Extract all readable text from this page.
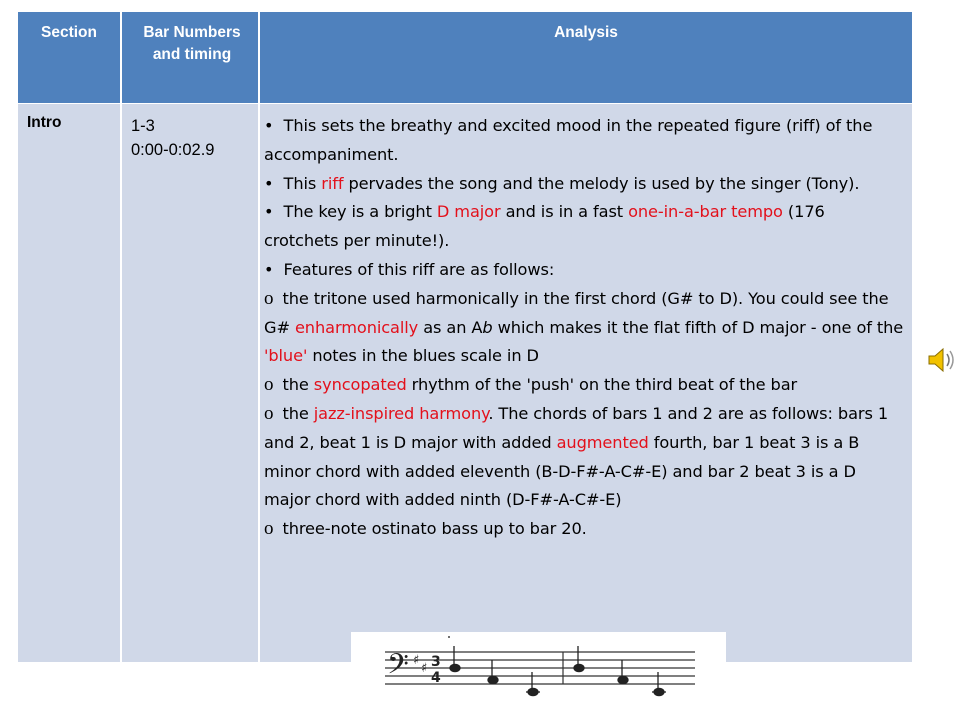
Section	Bar Numbers and timing
Analysis
Intro	1-3
0:00-0:02.9

• This sets the breathy and excited mood in the repeated figure (riff) of the accompaniment.

• This riff pervades the song and the melody is used by the singer (Tony).

• The key is a bright D major and is in a fast one-in-a-bar tempo (176 crotchets per minute!).

• Features of this riff are as follows:

o the tritone used harmonically in the first chord (G# to D). You could see the G# enharmonically as an Ab which makes it the flat fifth of D major - one of the 'blue' notes in the blues scale in D

o the syncopated rhythm of the 'push' on the third beat of the bar

o the jazz-inspired harmony. The chords of bars 1 and 2 are as follows: bars 1 and 2, beat 1 is D major with added augmented fourth, bar 1 beat 3 is a B minor chord with added eleventh (B-D-F#-A-C#-E) and bar 2 beat 3 is a D major chord with added ninth (D-F#-A-C#-E)

o three-note ostinato bass up to bar 20.

𝄢 ♯
♯ 3
4
